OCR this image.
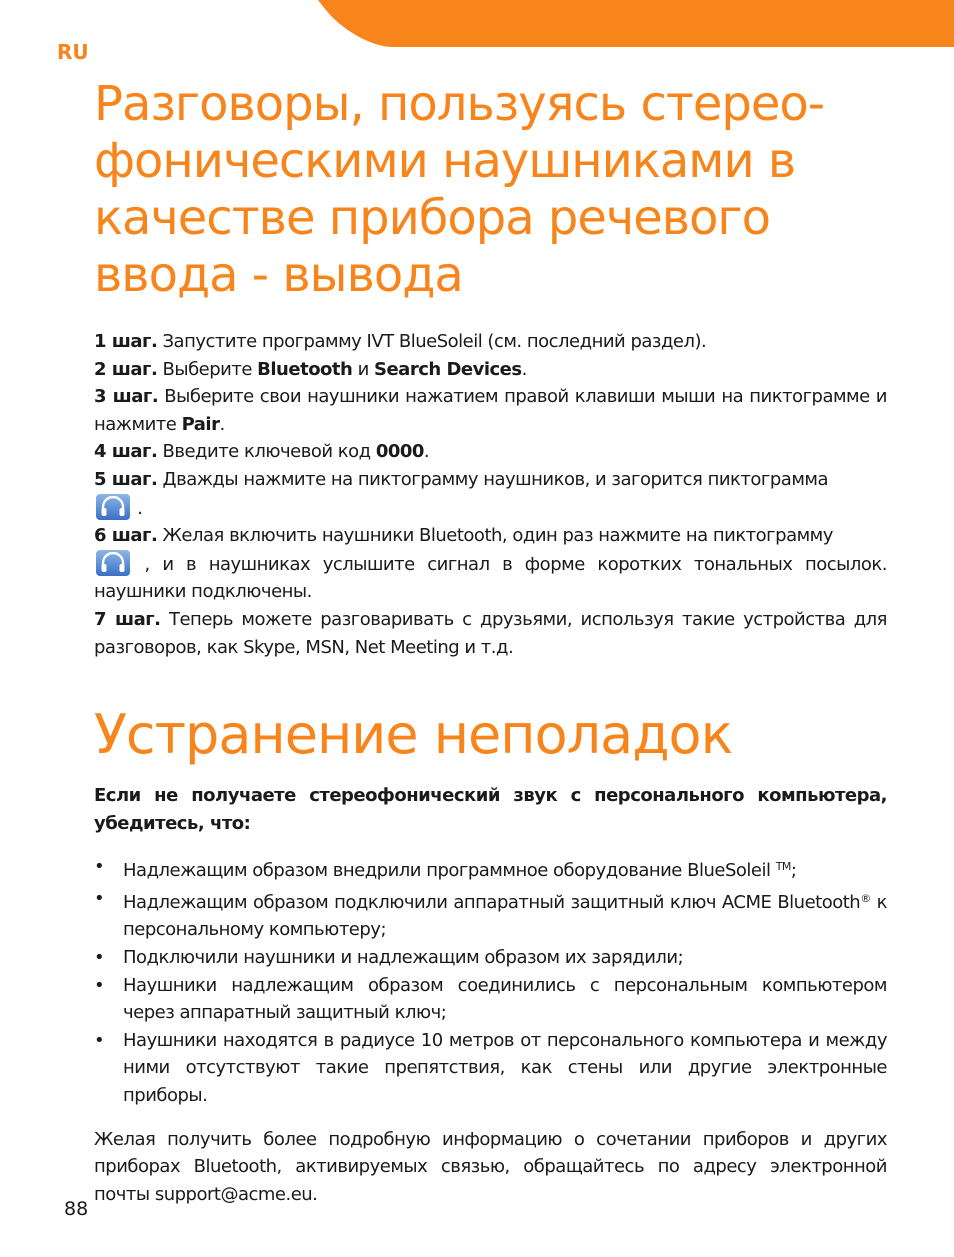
RU
Разговоры, пользуясь стерео-фоническими наушниками в качестве прибора речевого ввода - вывода

1 шаг. Запустите программу IVT BlueSoleil (см. последний раздел).

2 шаг. Выберите Bluetooth и Search Devices.

3 шаг. Выберите свои наушники нажатием правой клавиши мыши на пиктограмме и нажмите Pair.

4 шаг. Введите ключевой код 0000.

5 шаг. Дважды нажмите на пиктограмму наушников, и загорится пиктограмма

.

6 шаг. Желая включить наушники Bluetooth, один раз нажмите на пиктограмму

, и в наушниках услышите сигнал в форме коротких тональных посылок. наушники подключены.

7 шаг. Теперь можете разговаривать с друзьями, используя такие устройства для разговоров, как Skype, MSN, Net Meeting и т.д.

Устранение неполадок

Если не получаете стереофонический звук с персонального компьютера, убедитесь, что:

• Надлежащим образом внедрили программное оборудование BlueSoleil ™;
• Надлежащим образом подключили аппаратный защитный ключ ACME Bluetooth® к персональному компьютеру;
• Подключили наушники и надлежащим образом их зарядили;
• Наушники надлежащим образом соединились с персональным компьютером через аппаратный защитный ключ;
• Наушники находятся в радиусе 10 метров от персонального компьютера и между ними отсутствуют такие препятствия, как стены или другие электронные приборы.

Желая получить более подробную информацию о сочетании приборов и других приборах Bluetooth, активируемых связью, обращайтесь по адресу электронной почты support@acme.eu.

88
